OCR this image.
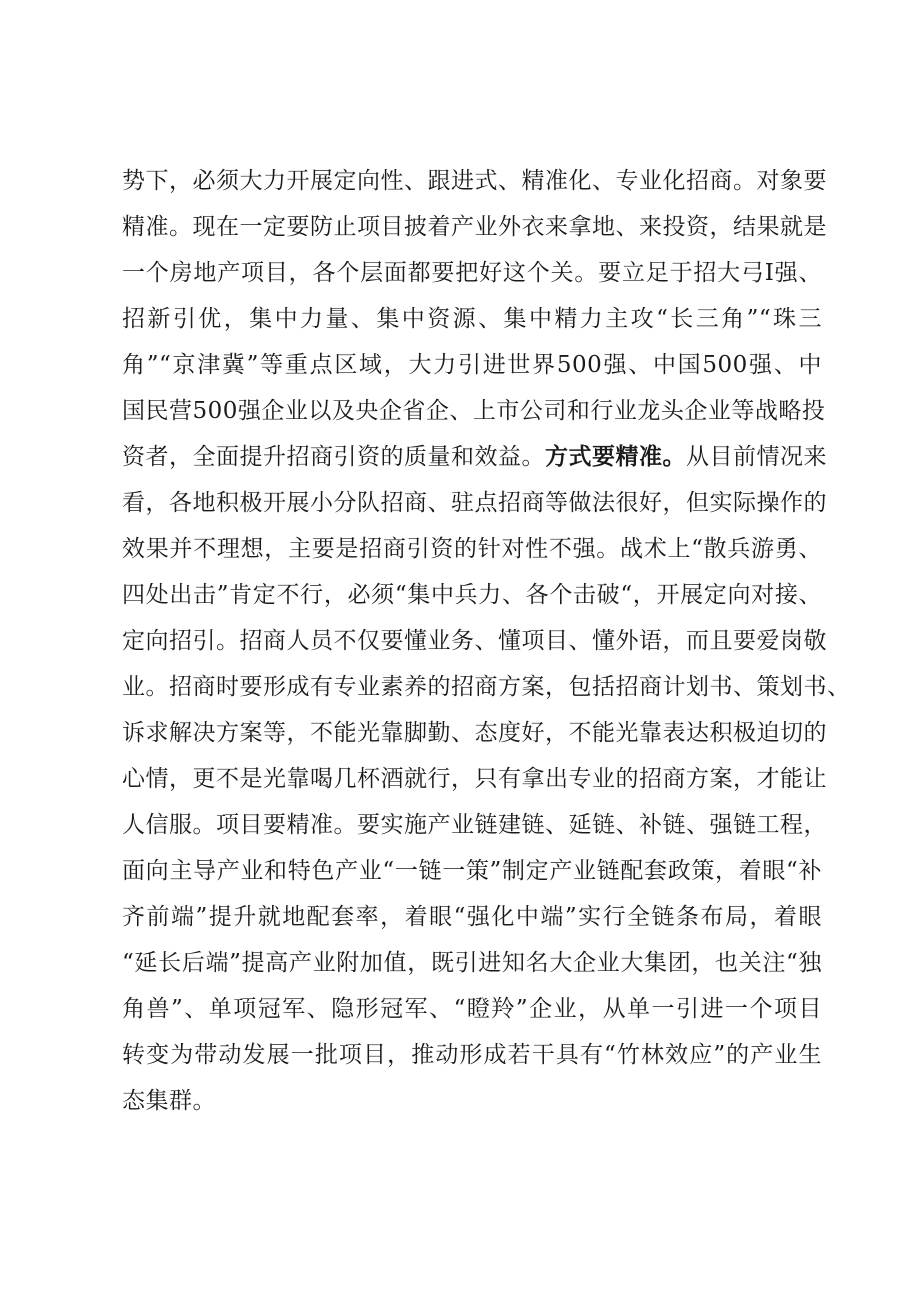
势下，必须大力开展定向性、跟进式、精准化、专业化招商。对象要
精准。现在一定要防止项目披着产业外衣来拿地、来投资，结果就是
一个房地产项目，各个层面都要把好这个关。要立足于招大弓I强、
招新引优，集中力量、集中资源、集中精力主攻“长三角”“珠三
角”“京津冀”等重点区域，大力引进世界500强、中国500强、中
国民营500强企业以及央企省企、上市公司和行业龙头企业等战略投
资者，全面提升招商引资的质量和效益。方式要精准。从目前情况来
看，各地积极开展小分队招商、驻点招商等做法很好，但实际操作的
效果并不理想，主要是招商引资的针对性不强。战术上“散兵游勇、
四处出击”肯定不行，必须“集中兵力、各个击破“，开展定向对接、
定向招引。招商人员不仅要懂业务、懂项目、懂外语，而且要爱岗敬
业。招商时要形成有专业素养的招商方案，包括招商计划书、策划书、
诉求解决方案等，不能光靠脚勤、态度好，不能光靠表达积极迫切的
心情，更不是光靠喝几杯酒就行，只有拿出专业的招商方案，才能让
人信服。项目要精准。要实施产业链建链、延链、补链、强链工程，
面向主导产业和特色产业“一链一策”制定产业链配套政策，着眼“补
齐前端”提升就地配套率，着眼“强化中端”实行全链条布局，着眼
“延长后端”提高产业附加值，既引进知名大企业大集团，也关注“独
角兽”、单项冠军、隐形冠军、“瞪羚”企业，从单一引进一个项目
转变为带动发展一批项目，推动形成若干具有“竹林效应”的产业生
态集群。
